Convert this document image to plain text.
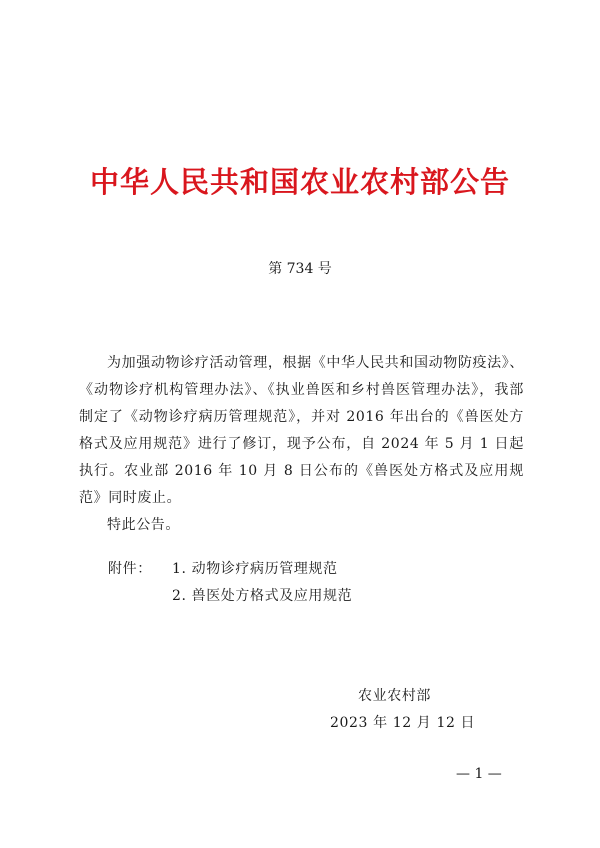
中华人民共和国农业农村部公告
第 734 号

为加强动物诊疗活动管理，根据《中华人民共和国动物防疫法》、《动物诊疗机构管理办法》、《执业兽医和乡村兽医管理办法》，我部制定了《动物诊疗病历管理规范》，并对 2016 年出台的《兽医处方格式及应用规范》进行了修订，现予公布，自 2024 年 5 月 1 日起执行。农业部 2016 年 10 月 8 日公布的《兽医处方格式及应用规范》同时废止。

特此公告。

附件：	1. 动物诊疗病历管理规范
2. 兽医处方格式及应用规范
农业农村部
2023 年 12 月 12 日
— 1 —
